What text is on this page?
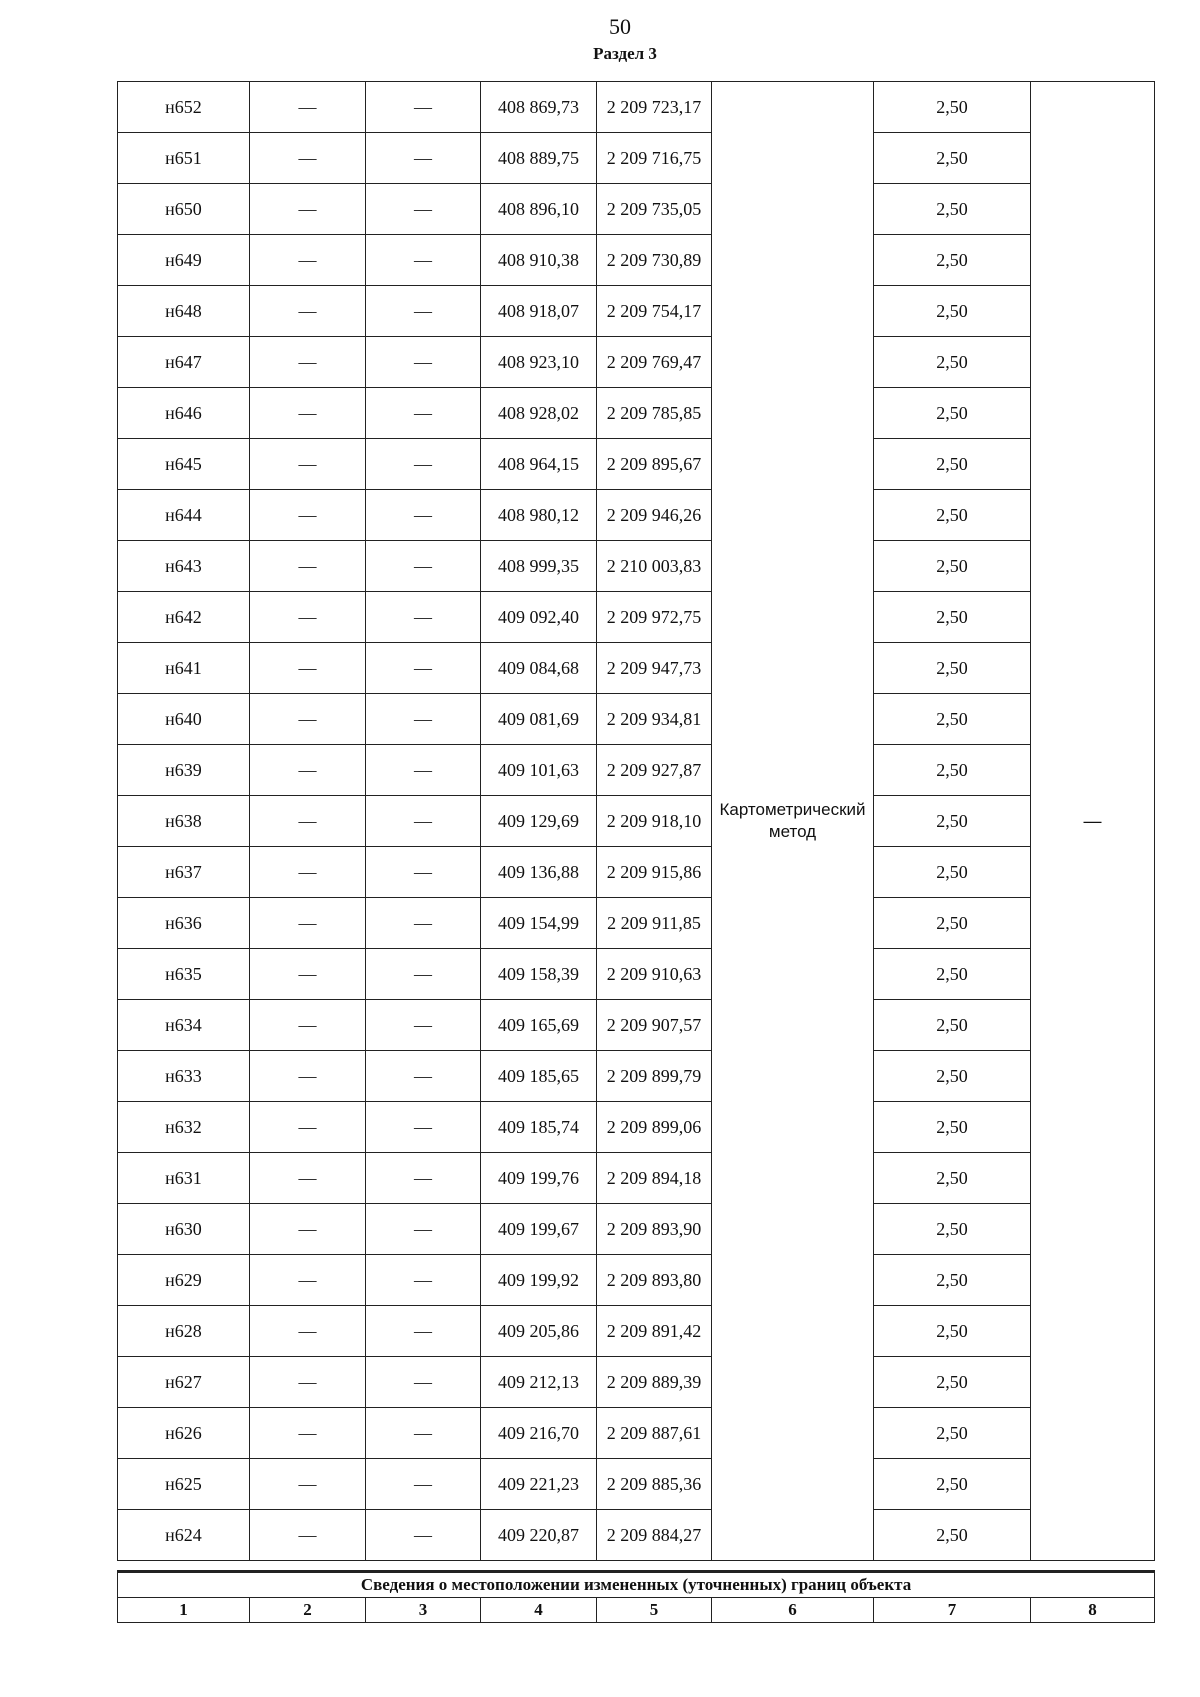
50
Раздел 3
н652	—	—	408 869,73	2 209 723,17	Картометрический метод	2,50	—
н651	—	—	408 889,75	2 209 716,75		2,50	
н650	—	—	408 896,10	2 209 735,05		2,50	
н649	—	—	408 910,38	2 209 730,89		2,50	
н648	—	—	408 918,07	2 209 754,17		2,50	
н647	—	—	408 923,10	2 209 769,47		2,50	
н646	—	—	408 928,02	2 209 785,85		2,50	
н645	—	—	408 964,15	2 209 895,67		2,50	
н644	—	—	408 980,12	2 209 946,26		2,50	
н643	—	—	408 999,35	2 210 003,83		2,50	
н642	—	—	409 092,40	2 209 972,75		2,50	
н641	—	—	409 084,68	2 209 947,73		2,50	
н640	—	—	409 081,69	2 209 934,81		2,50	
н639	—	—	409 101,63	2 209 927,87		2,50	
н638	—	—	409 129,69	2 209 918,10		2,50	
н637	—	—	409 136,88	2 209 915,86		2,50	
н636	—	—	409 154,99	2 209 911,85		2,50	
н635	—	—	409 158,39	2 209 910,63		2,50	
н634	—	—	409 165,69	2 209 907,57		2,50	
н633	—	—	409 185,65	2 209 899,79		2,50	
н632	—	—	409 185,74	2 209 899,06		2,50	
н631	—	—	409 199,76	2 209 894,18		2,50	
н630	—	—	409 199,67	2 209 893,90		2,50	
н629	—	—	409 199,92	2 209 893,80		2,50	
н628	—	—	409 205,86	2 209 891,42		2,50	
н627	—	—	409 212,13	2 209 889,39		2,50	
н626	—	—	409 216,70	2 209 887,61		2,50	
н625	—	—	409 221,23	2 209 885,36		2,50	
н624	—	—	409 220,87	2 209 884,27		2,50	
Сведения о местоположении измененных (уточненных) границ объекта
1	2	3	4	5	6	7	8
